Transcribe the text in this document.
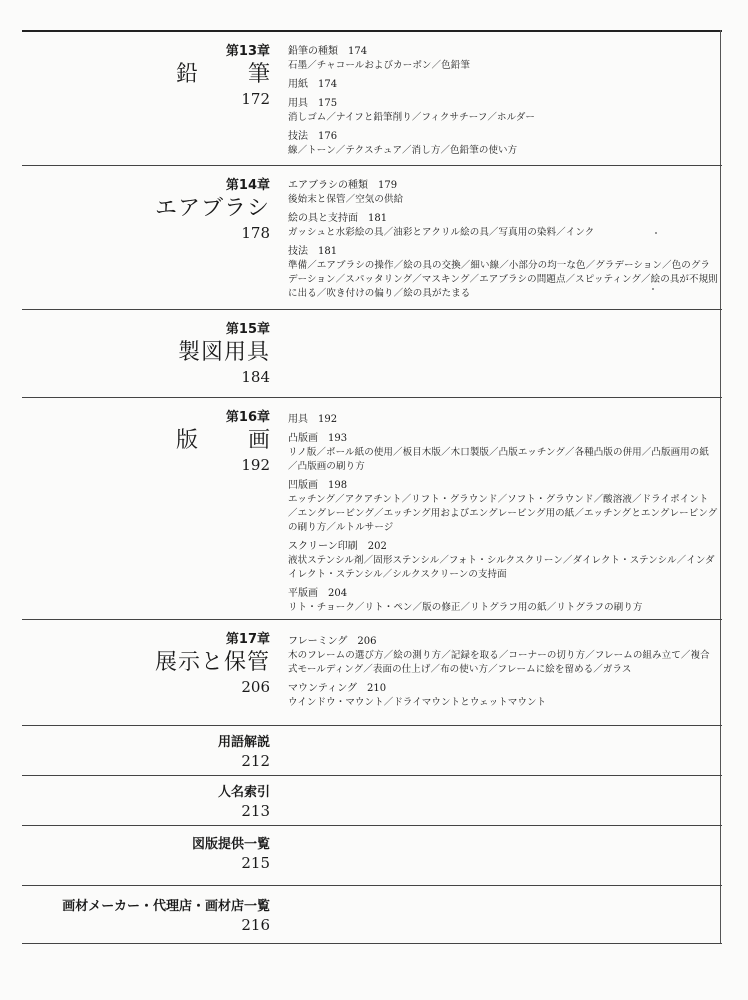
第13章
鉛　筆
172
鉛筆の種類　174
石墨／チャコールおよびカーボン／色鉛筆
用紙　174
用具　175
消しゴム／ナイフと鉛筆削り／フィクサチーフ／ホルダー
技法　176
線／トーン／テクスチュア／消し方／色鉛筆の使い方
第14章
エアブラシ
178
エアブラシの種類　179
後始末と保管／空気の供給
絵の具と支持面　181
ガッシュと水彩絵の具／油彩とアクリル絵の具／写真用の染料／インク
技法　181
準備／エアブラシの操作／絵の具の交換／細い線／小部分の均一な色／グラデーション／色のグラデーション／スパッタリング／マスキング／エアブラシの問題点／スピッティング／絵の具が不規則に出る／吹き付けの偏り／絵の具がたまる
第15章
製図用具
184
第16章
版　画
192
用具　192
凸版画　193
リノ版／ボール紙の使用／板目木版／木口製版／凸版エッチング／各種凸版の併用／凸版画用の紙／凸版画の刷り方
凹版画　198
エッチング／アクアチント／リフト・グラウンド／ソフト・グラウンド／酸溶液／ドライポイント／エングレービング／エッチング用およびエングレービング用の紙／エッチングとエングレービングの刷り方／ルトルサージ
スクリーン印刷　202
液状ステンシル剤／固形ステンシル／フォト・シルクスクリーン／ダイレクト・ステンシル／インダイレクト・ステンシル／シルクスクリーンの支持面
平版画　204
リト・チョーク／リト・ペン／版の修正／リトグラフ用の紙／リトグラフの刷り方
第17章
展示と保管
206
フレーミング　206
木のフレームの選び方／絵の測り方／記録を取る／コーナーの切り方／フレームの組み立て／複合式モールディング／表面の仕上げ／布の使い方／フレームに絵を留める／ガラス
マウンティング　210
ウインドウ・マウント／ドライマウントとウェットマウント
用語解説
212
人名索引
213
図版提供一覧
215
画材メーカー・代理店・画材店一覧
216
